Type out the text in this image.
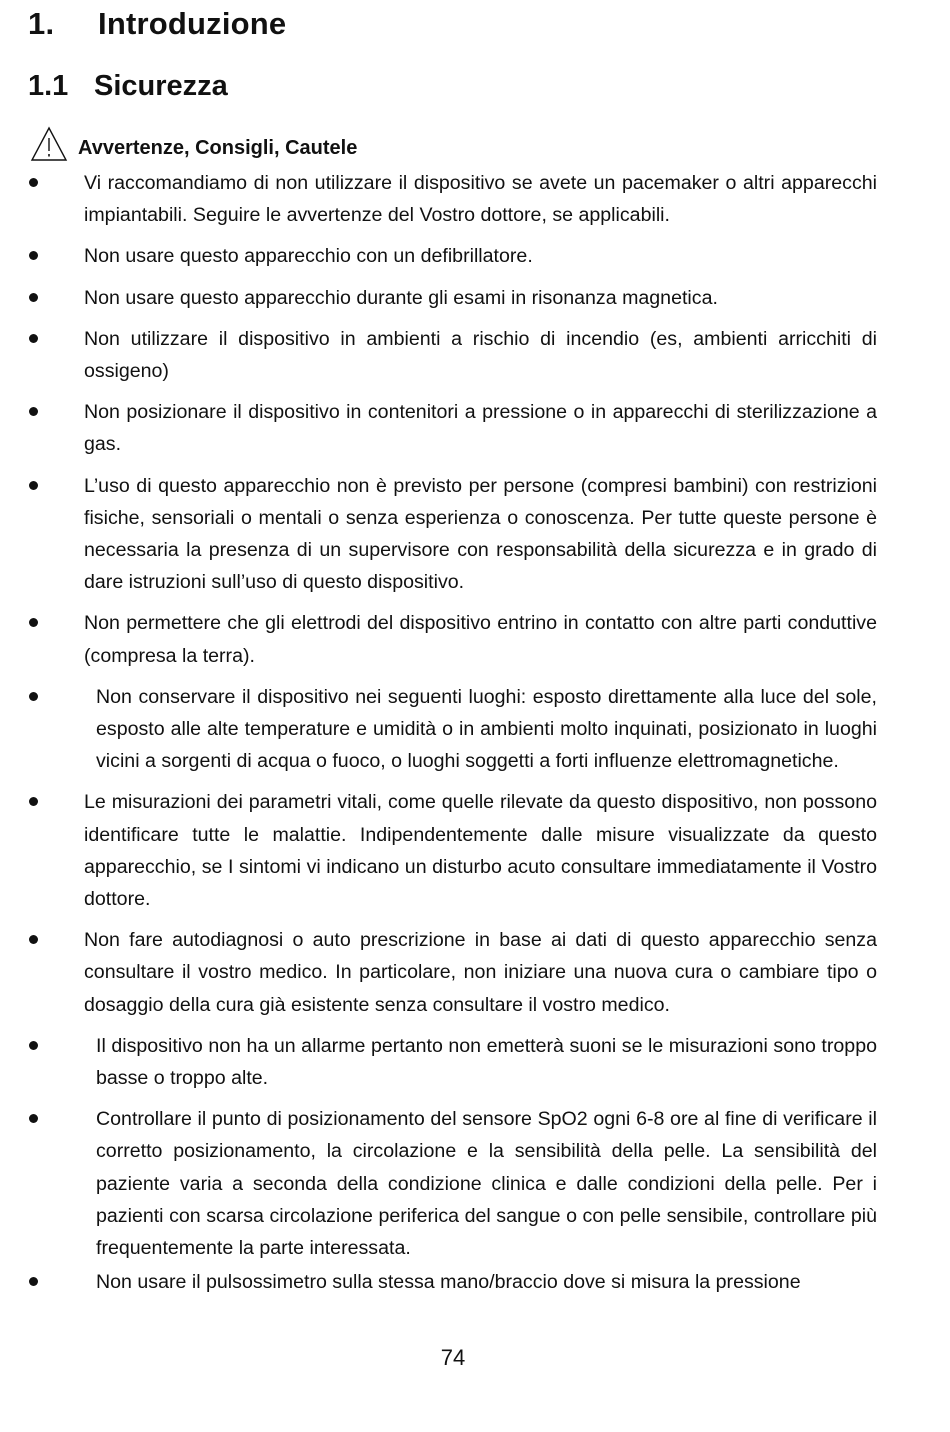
1. Introduzione
1.1 Sicurezza
Avvertenze, Consigli, Cautele
Vi raccomandiamo di non utilizzare il dispositivo se avete un pacemaker o altri apparecchi impiantabili. Seguire le avvertenze del Vostro dottore, se applicabili.
Non usare questo apparecchio con un defibrillatore.
Non usare questo apparecchio durante gli esami in risonanza magnetica.
Non utilizzare il dispositivo in ambienti a rischio di incendio (es, ambienti arricchiti di ossigeno)
Non posizionare il dispositivo in contenitori a pressione o in apparecchi di sterilizzazione a gas.
L’uso di questo apparecchio non è previsto per persone (compresi bambini) con restrizioni fisiche, sensoriali o mentali o senza esperienza o conoscenza. Per tutte queste persone è necessaria la presenza di un supervisore con responsabilità della sicurezza e in grado di dare istruzioni sull’uso di questo dispositivo.
Non permettere che gli elettrodi del dispositivo entrino in contatto con altre parti conduttive (compresa la terra).
Non conservare il dispositivo nei seguenti luoghi: esposto direttamente alla luce del sole, esposto alle alte temperature e umidità o in ambienti molto inquinati, posizionato in luoghi vicini a sorgenti di acqua o fuoco, o luoghi soggetti a forti influenze elettromagnetiche.
Le misurazioni dei parametri vitali, come quelle rilevate da questo dispositivo, non possono identificare tutte le malattie. Indipendentemente dalle misure visualizzate da questo apparecchio, se I sintomi vi indicano un disturbo acuto consultare immediatamente il Vostro dottore.
Non fare autodiagnosi o auto prescrizione in base ai dati di questo apparecchio senza consultare il vostro medico. In particolare, non iniziare una nuova cura o cambiare tipo o dosaggio della cura già esistente senza consultare il vostro medico.
Il dispositivo non ha un allarme pertanto non emetterà suoni se le misurazioni sono troppo basse o troppo alte.
Controllare il punto di posizionamento del sensore SpO2 ogni 6-8 ore al fine di verificare il corretto posizionamento, la circolazione e la sensibilità della pelle. La sensibilità del paziente varia a seconda della condizione clinica e dalle condizioni della pelle. Per i pazienti con scarsa circolazione periferica del sangue o con pelle sensibile, controllare più frequentemente la parte interessata.
Non usare il pulsossimetro sulla stessa mano/braccio dove si misura la pressione
74
